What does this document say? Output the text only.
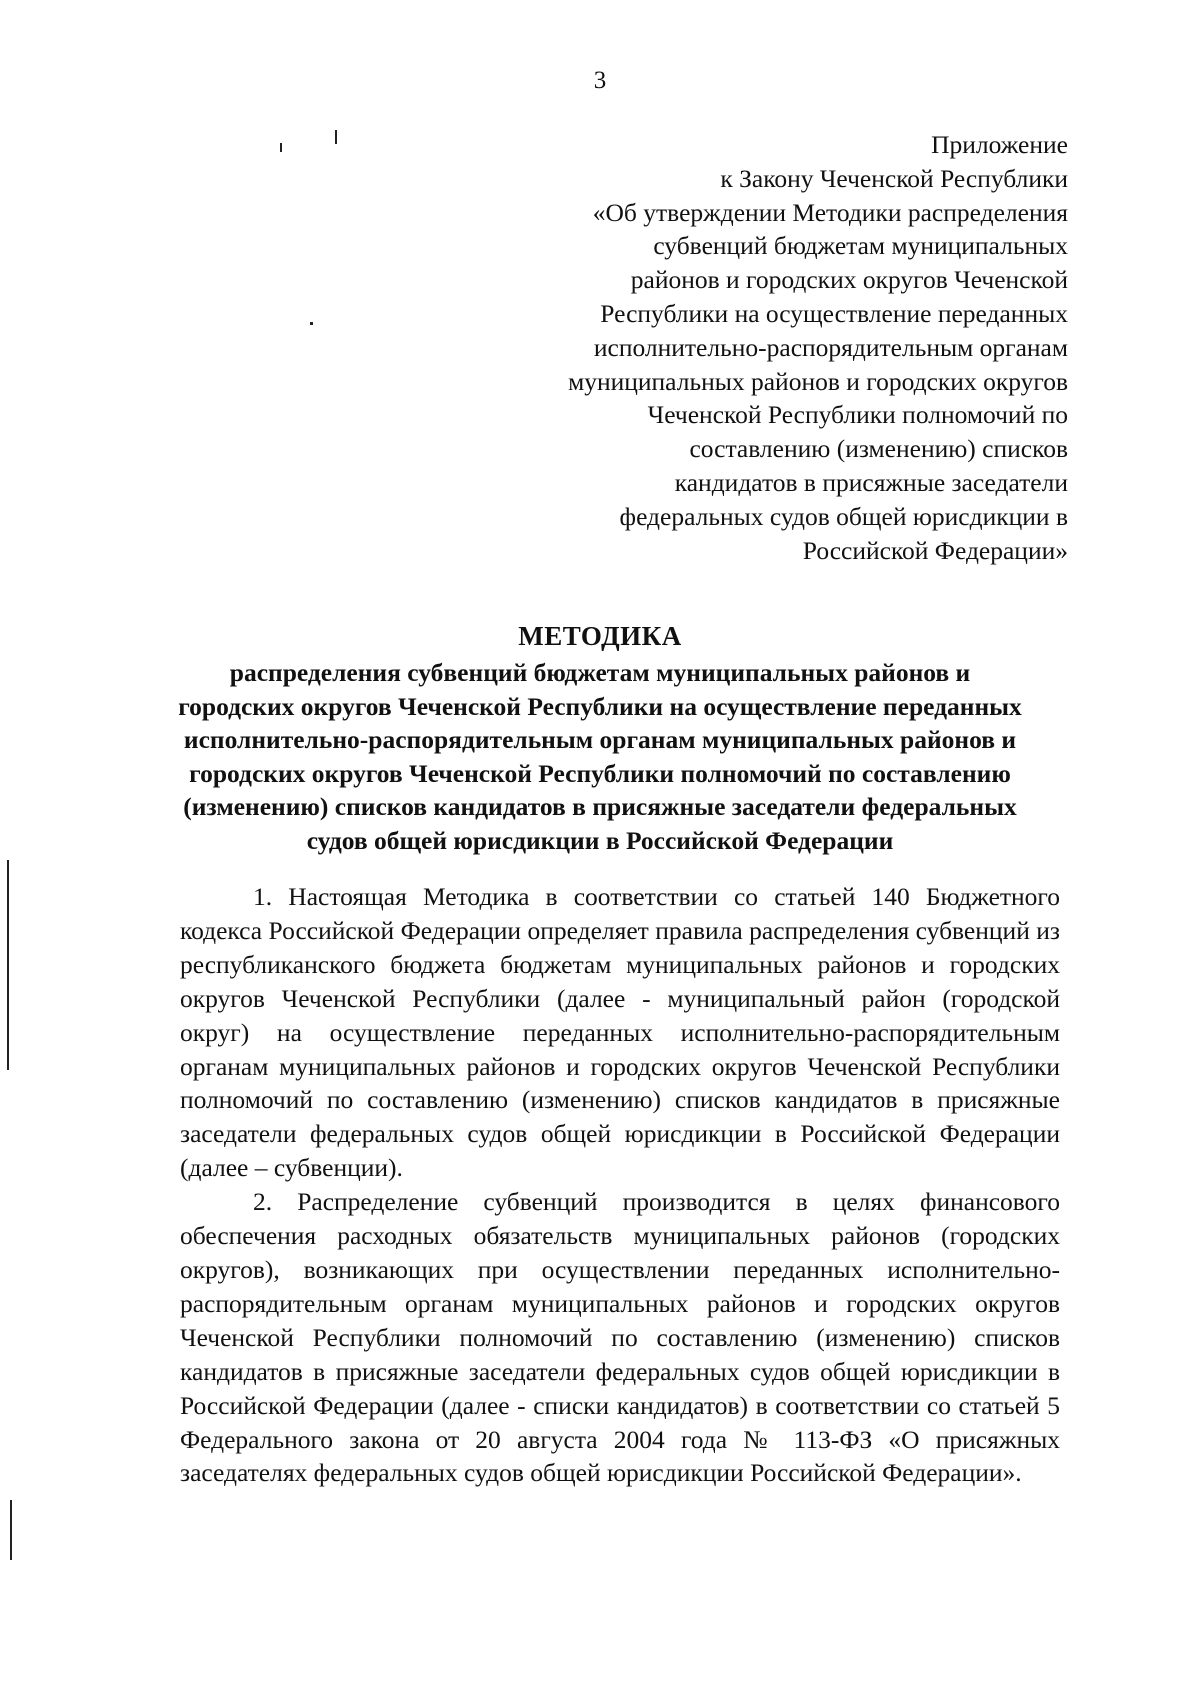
3
Приложение
к Закону Чеченской Республики
«Об утверждении Методики распределения
субвенций бюджетам муниципальных
районов и городских округов Чеченской
Республики на осуществление переданных
исполнительно-распорядительным органам
муниципальных районов и городских округов
Чеченской Республики полномочий по
составлению (изменению) списков
кандидатов в присяжные заседатели
федеральных судов общей юрисдикции в
Российской Федерации»
МЕТОДИКА
распределения субвенций бюджетам муниципальных районов и
городских округов Чеченской Республики на осуществление переданных
исполнительно-распорядительным органам муниципальных районов и
городских округов Чеченской Республики полномочий по составлению
(изменению) списков кандидатов в присяжные заседатели федеральных
судов общей юрисдикции в Российской Федерации

1. Настоящая Методика в соответствии со статьей 140 Бюджетного кодекса Российской Федерации определяет правила распределения субвенций из республиканского бюджета бюджетам муниципальных районов и городских округов Чеченской Республики (далее - муниципальный район (городской округ) на осуществление переданных исполнительно-распорядительным органам муниципальных районов и городских округов Чеченской Республики полномочий по составлению (изменению) списков кандидатов в присяжные заседатели федеральных судов общей юрисдикции в Российской Федерации (далее – субвенции).

2. Распределение субвенций производится в целях финансового обеспечения расходных обязательств муниципальных районов (городских округов), возникающих при осуществлении переданных исполнительно-распорядительным органам муниципальных районов и городских округов Чеченской Республики полномочий по составлению (изменению) списков кандидатов в присяжные заседатели федеральных судов общей юрисдикции в Российской Федерации (далее - списки кандидатов) в соответствии со статьей 5 Федерального закона от 20 августа 2004 года № 113-ФЗ «О присяжных заседателях федеральных судов общей юрисдикции Российской Федерации».
